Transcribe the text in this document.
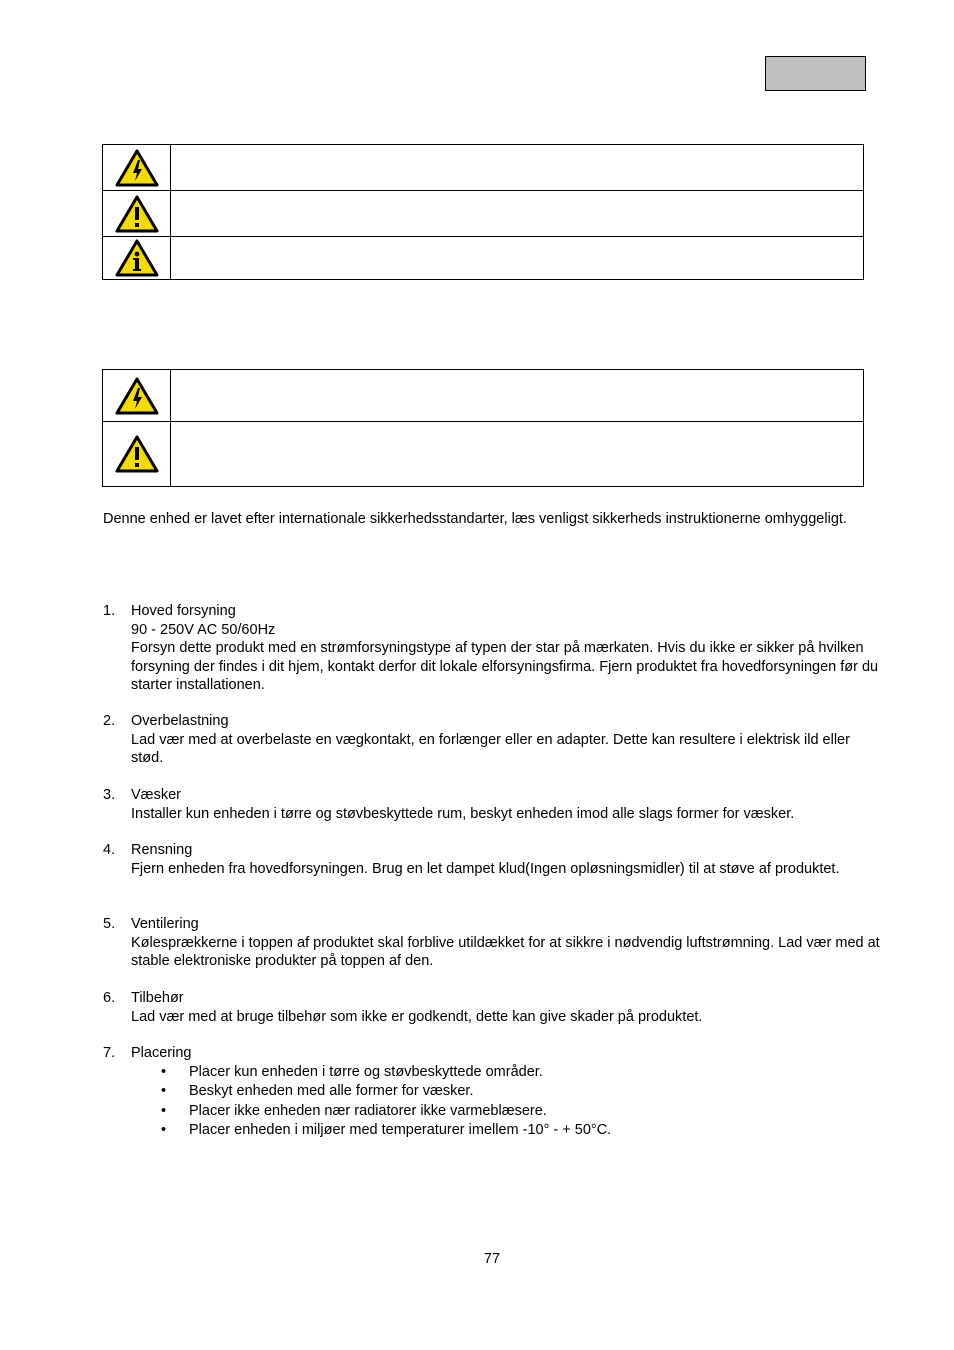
Denne enhed er lavet efter internationale sikkerhedsstandarter, læs venligst sikkerheds instruktionerne omhyggeligt.
1. Hoved forsyning
90 - 250V AC 50/60Hz
Forsyn dette produkt med en strømforsyningstype af typen der star på mærkaten. Hvis du ikke er sikker på hvilken forsyning der findes i dit hjem, kontakt derfor dit lokale elforsyningsfirma. Fjern produktet fra hovedforsyningen før du starter installationen.
2. Overbelastning
Lad vær med at overbelaste en vægkontakt, en forlænger eller en adapter. Dette kan resultere i elektrisk ild eller stød.
3. Væsker
Installer kun enheden i tørre og støvbeskyttede rum, beskyt enheden imod alle slags former for væsker.
4. Rensning
Fjern enheden fra hovedforsyningen. Brug en let dampet klud(Ingen opløsningsmidler) til at støve af produktet.
5. Ventilering
Kølesprækkerne i toppen af produktet skal forblive utildækket for at sikkre i nødvendig luftstrømning. Lad vær med at stable elektroniske produkter på toppen af den.
6. Tilbehør
Lad vær med at bruge tilbehør som ikke er godkendt, dette kan give skader på produktet.
7. Placering
• Placer kun enheden i tørre og støvbeskyttede områder.
• Beskyt enheden med alle former for væsker.
• Placer ikke enheden nær radiatorer ikke varmeblæsere.
• Placer enheden i miljøer med temperaturer imellem -10° - + 50°C.
77
